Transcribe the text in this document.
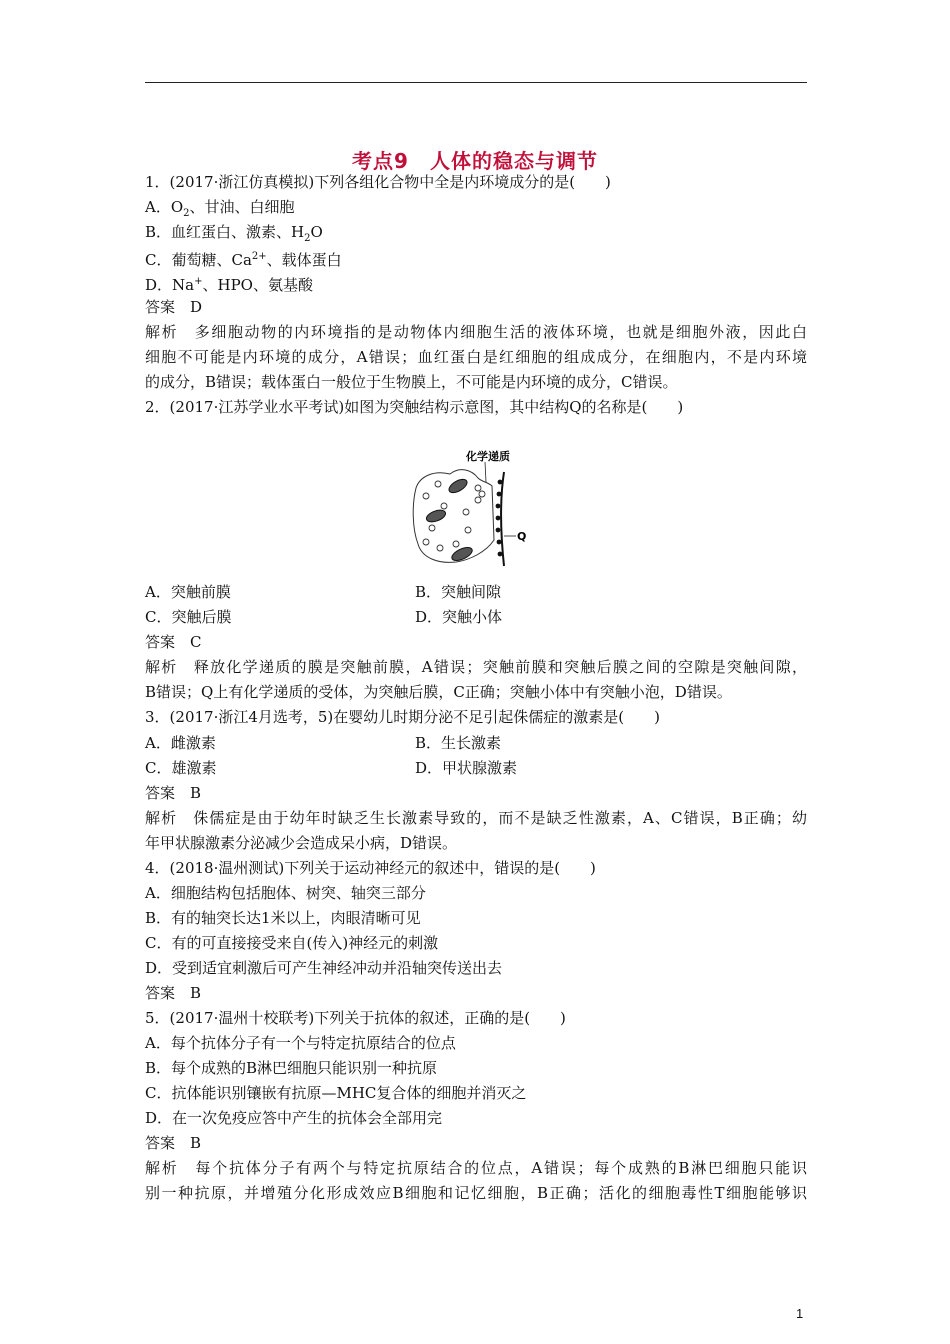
考点9　人体的稳态与调节
1．(2017·浙江仿真模拟)下列各组化合物中全是内环境成分的是(　　)
A．$O_2$、甘油、白细胞
B．血红蛋白、激素、$H_2O$
C．葡萄糖、$Ca^{2+}$、载体蛋白
D．Na+、HPO、氨基酸
答案　D
解析　多细胞动物的内环境指的是动物体内细胞生活的液体环境，也就是细胞外液，因此白
细胞不可能是内环境的成分，A错误；血红蛋白是红细胞的组成成分，在细胞内，不是内环境
的成分，B错误；载体蛋白一般位于生物膜上，不可能是内环境的成分，C错误。
2．(2017·江苏学业水平考试)如图为突触结构示意图，其中结构Q的名称是(　　)
化学递质
Q
A．突触前膜	B．突触间隙
C．突触后膜	D．突触小体
答案　C
解析　释放化学递质的膜是突触前膜，A错误；突触前膜和突触后膜之间的空隙是突触间隙，
B错误；Q上有化学递质的受体，为突触后膜，C正确；突触小体中有突触小泡，D错误。
3．(2017·浙江4月选考，5)在婴幼儿时期分泌不足引起侏儒症的激素是(　　)
A．雌激素	B．生长激素
C．雄激素	D．甲状腺激素
答案　B
解析　侏儒症是由于幼年时缺乏生长激素导致的，而不是缺乏性激素，A、C错误，B正确；幼
年甲状腺激素分泌减少会造成呆小病，D错误。
4．(2018·温州测试)下列关于运动神经元的叙述中，错误的是(　　)
A．细胞结构包括胞体、树突、轴突三部分
B．有的轴突长达1米以上，肉眼清晰可见
C．有的可直接接受来自(传入)神经元的刺激
D．受到适宜刺激后可产生神经冲动并沿轴突传送出去
答案　B
5．(2017·温州十校联考)下列关于抗体的叙述，正确的是(　　)
A．每个抗体分子有一个与特定抗原结合的位点
B．每个成熟的B淋巴细胞只能识别一种抗原
C．抗体能识别镶嵌有抗原—MHC复合体的细胞并消灭之
D．在一次免疫应答中产生的抗体会全部用完
答案　B
解析　每个抗体分子有两个与特定抗原结合的位点，A错误；每个成熟的B淋巴细胞只能识
别一种抗原，并增殖分化形成效应B细胞和记忆细胞，B正确；活化的细胞毒性T细胞能够识
1
